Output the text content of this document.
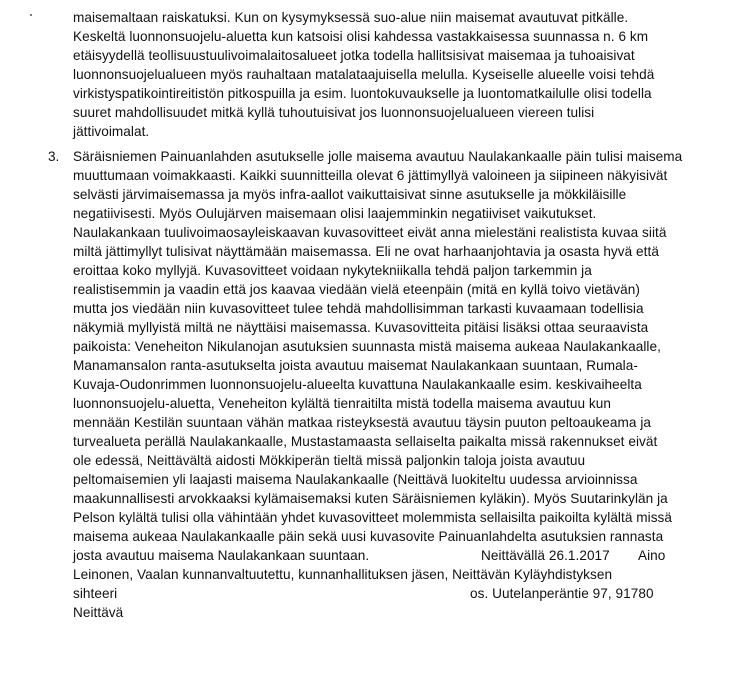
maisemaltaan raiskatuksi. Kun on kysymyksessä suo-alue niin maisemat avautuvat pitkälle.
Keskeltä luonnonsuojelu-aluetta kun katsoisi olisi kahdessa vastakkaisessa suunnassa n. 6 km
etäisyydellä teollisuustuulivoimalaitosalueet jotka todella hallitsisivat maisemaa ja tuhoaisivat
luonnonsuojelualueen myös rauhaltaan matalataajuisella melulla. Kyseiselle alueelle voisi tehdä
virkistyspatikointireitistön pitkospuilla ja esim. luontokuvaukselle ja luontomatkailulle olisi todella
suuret mahdollisuudet mitkä kyllä tuhoutuisivat jos luonnonsuojelualueen viereen tulisi
jättivoimalat.
3. Säräisniemen Painuanlahden asutukselle jolle maisema avautuu Naulakankaalle päin tulisi maisema
muuttumaan voimakkaasti. Kaikki suunnitteilla olevat 6 jättimyllyä valoineen ja siipineen näkyisivät
selvästi järvimaisemassa ja myös infra-aallot vaikuttaisivat sinne asutukselle ja mökkiläisille
negatiivisesti. Myös Oulujärven maisemaan olisi laajemminkin negatiiviset vaikutukset.
Naulakankaan tuulivoimaosayleiskaavan kuvasovitteet eivät anna mielestäni realistista kuvaa siitä
miltä jättimyllyt tulisivat näyttämään maisemassa. Eli ne ovat harhaanjohtavia ja osasta hyvä että
eroittaa koko myllyjä. Kuvasovitteet voidaan nykytekniikalla tehdä paljon tarkemmin ja
realistisemmin ja vaadin että jos kaavaa viedään vielä eteenpäin (mitä en kyllä toivo vietävän)
mutta jos viedään niin kuvasovitteet tulee tehdä mahdollisimman tarkasti kuvaamaan todellisia
näkymiä myllyistä miltä ne näyttäisi maisemassa. Kuvasovitteita pitäisi lisäksi ottaa seuraavista
paikoista: Veneheiton Nikulanojan asutuksien suunnasta mistä maisema aukeaa Naulakankaalle,
Manamansalon ranta-asutukselta joista avautuu maisemat Naulakankaan suuntaan, Rumala-
Kuvaja-Oudonrimmen luonnonsuojelu-alueelta kuvattuna Naulakankaalle esim. keskivaiheelta
luonnonsuojelu-aluetta, Veneheiton kylältä tienraitilta mistä todella maisema avautuu kun
mennään Kestilän suuntaan vähän matkaa risteyksestä avautuu täysin puuton peltoaukeama ja
turvealueta perällä Naulakankaalle, Mustastamaasta sellaiselta paikalta missä rakennukset eivät
ole edessä, Neittävältä aidosti Mökkiperän tieltä missä paljonkin taloja joista avautuu
peltomaisemien yli laajasti maisema Naulakankaalle (Neittävä luokiteltu uudessa arvioinnissa
maakunnallisesti arvokkaaksi kylämaisemaksi kuten Säräisniemen kyläkin). Myös Suutarinkylän ja
Pelson kylältä tulisi olla vähintään yhdet kuvasovitteet molemmista sellaisilta paikoilta kylältä missä
maisema aukeaa Naulakankaalle päin sekä uusi kuvasovite Painuanlahdelta asutuksien rannasta
josta avautuu maisema Naulakankaan suuntaan.	Neittävällä 26.1.2017 Aino
Leinonen, Vaalan kunnanvaltuutettu, kunnanhallituksen jäsen, Neittävän Kyläyhdistyksen
sihteeri	os. Uutelanperäntie 97, 91780
Neittävä
